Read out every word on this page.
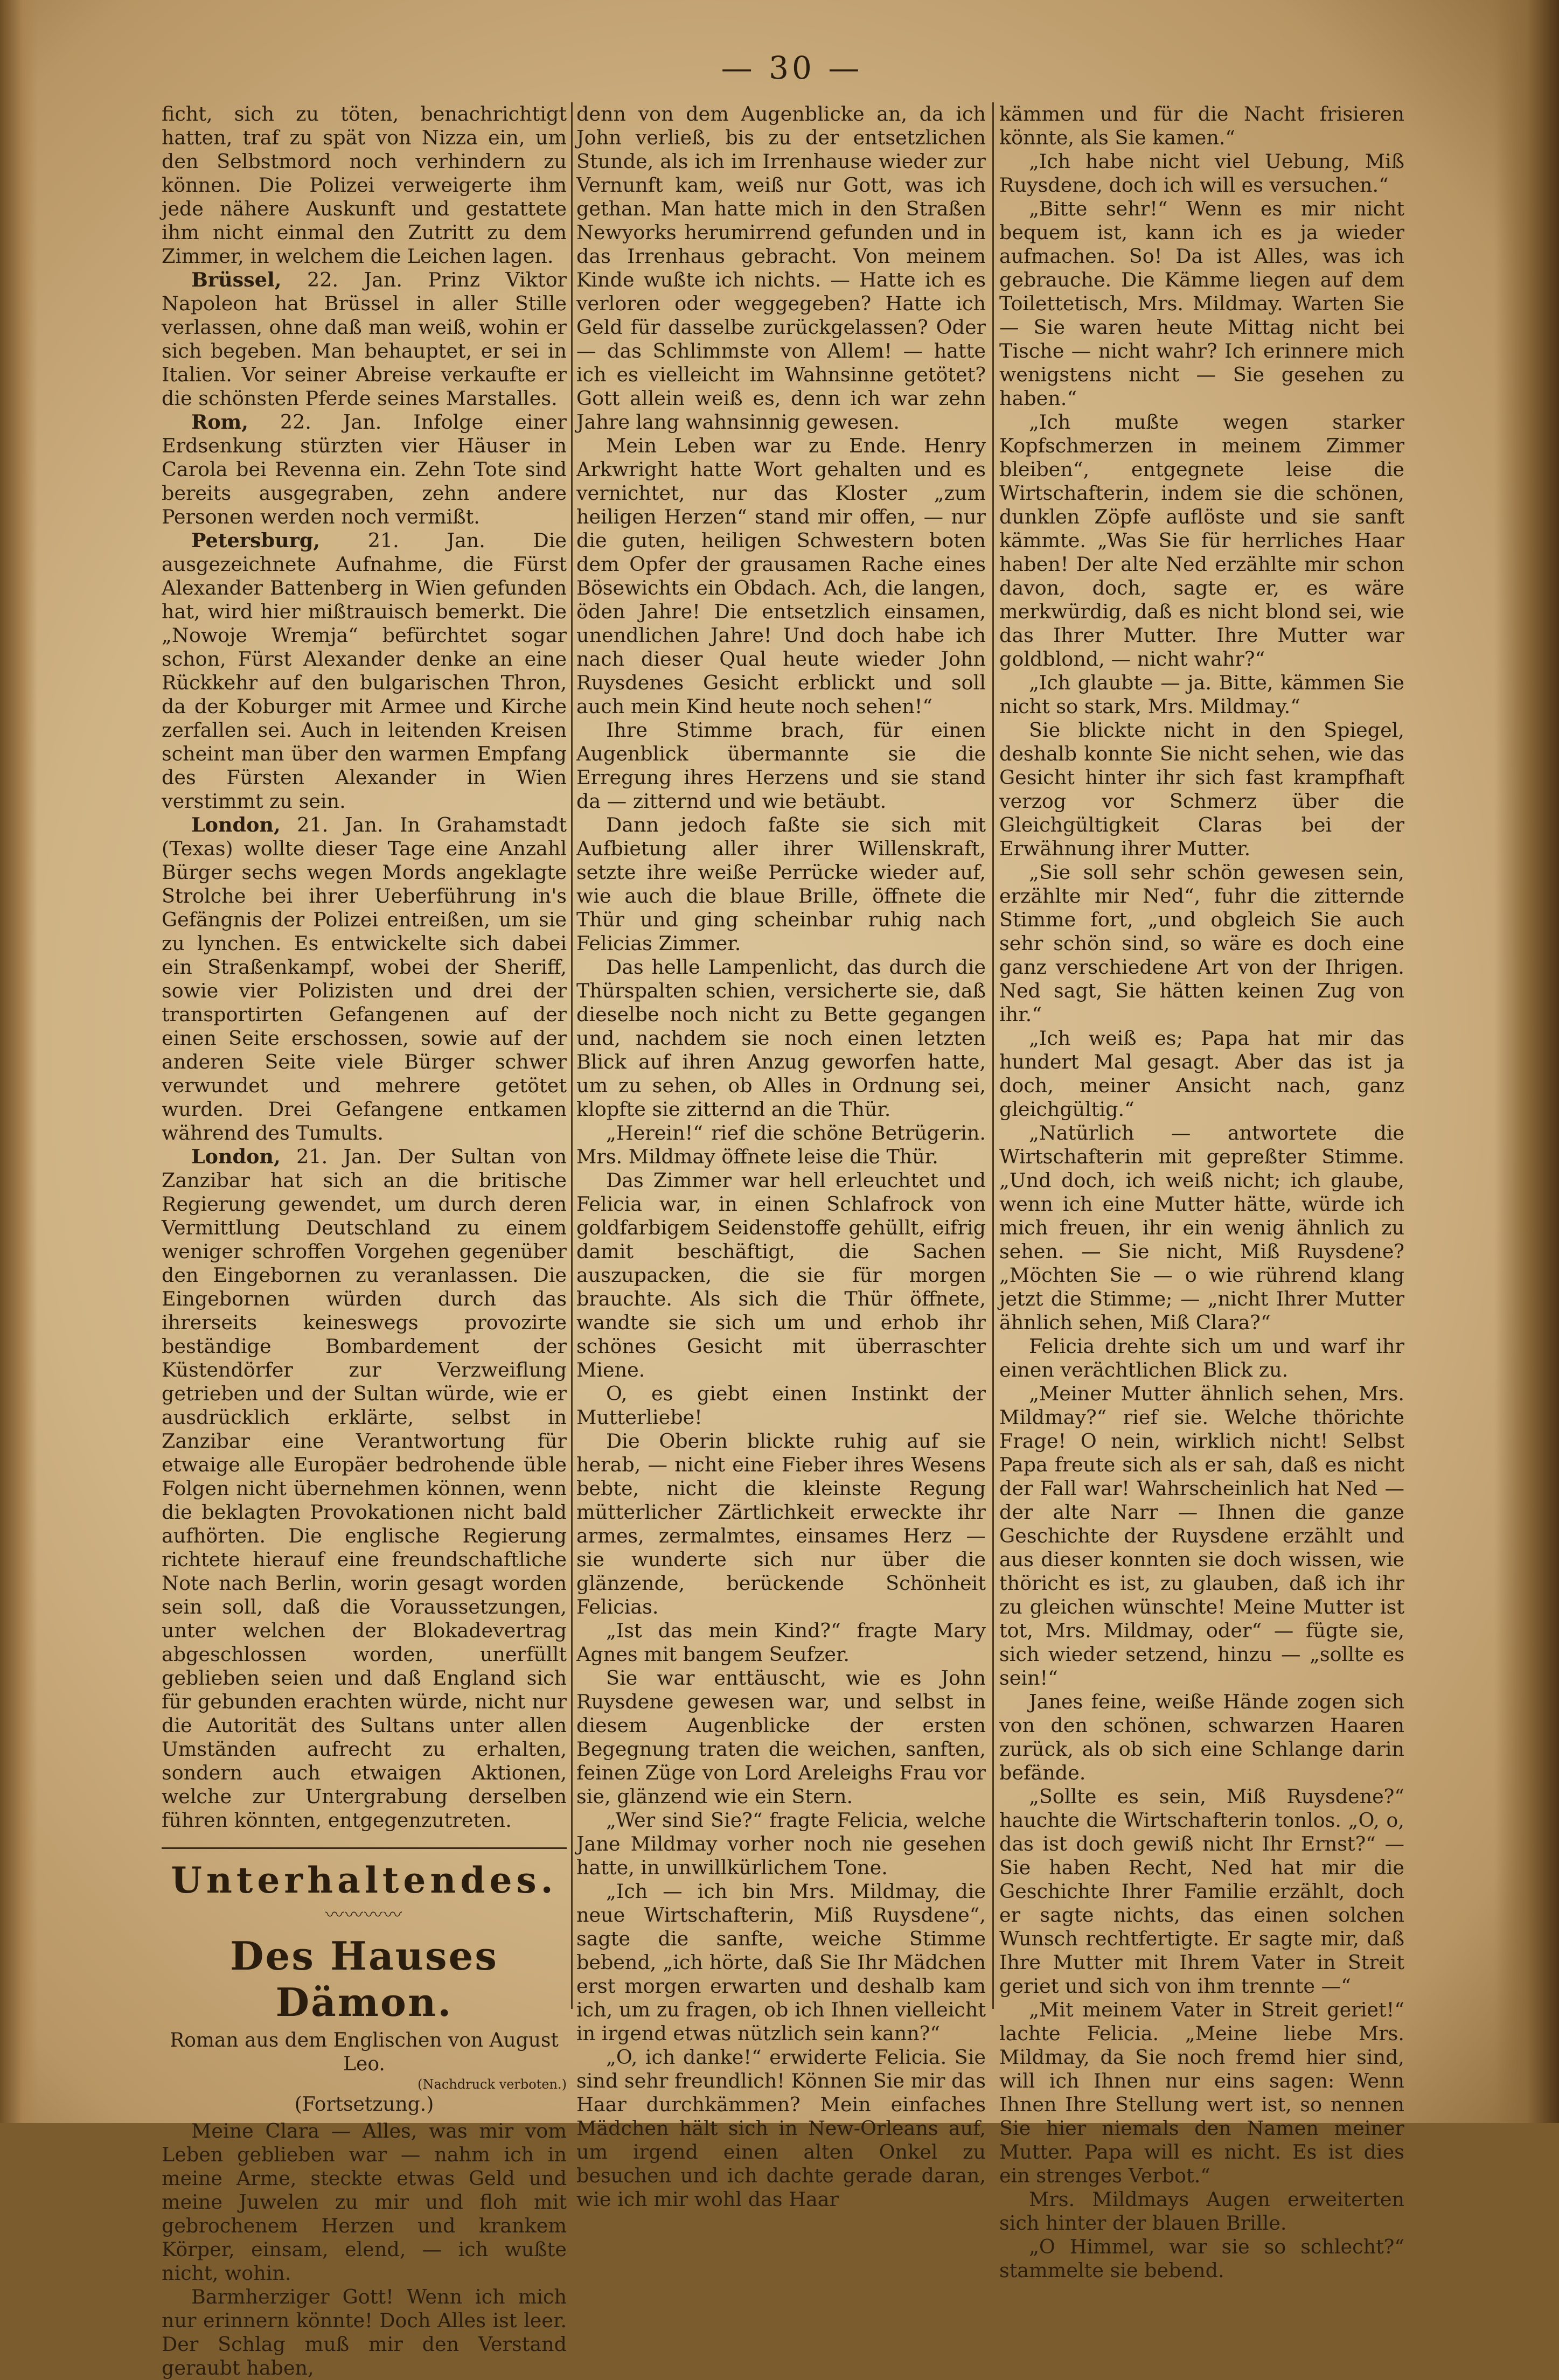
— 30 —

ficht, sich zu töten, benachrichtigt hatten, traf zu spät von Nizza ein, um den Selbstmord noch verhindern zu können. Die Polizei verweigerte ihm jede nähere Auskunft und gestattete ihm nicht einmal den Zutritt zu dem Zimmer, in welchem die Leichen lagen.

Brüssel, 22. Jan. Prinz Viktor Napoleon hat Brüssel in aller Stille verlassen, ohne daß man weiß, wohin er sich begeben. Man behauptet, er sei in Italien. Vor seiner Abreise verkaufte er die schönsten Pferde seines Marstalles.

Rom, 22. Jan. Infolge einer Erdsenkung stürzten vier Häuser in Carola bei Revenna ein. Zehn Tote sind bereits ausgegraben, zehn andere Personen werden noch vermißt.

Petersburg, 21. Jan. Die ausgezeichnete Aufnahme, die Fürst Alexander Battenberg in Wien gefunden hat, wird hier mißtrauisch bemerkt. Die „Nowoje Wremja“ befürchtet sogar schon, Fürst Alexander denke an eine Rückkehr auf den bulgarischen Thron, da der Koburger mit Armee und Kirche zerfallen sei. Auch in leitenden Kreisen scheint man über den warmen Empfang des Fürsten Alexander in Wien verstimmt zu sein.

London, 21. Jan. In Grahamstadt (Texas) wollte dieser Tage eine Anzahl Bürger sechs wegen Mords angeklagte Strolche bei ihrer Ueberführung in's Gefängnis der Polizei entreißen, um sie zu lynchen. Es entwickelte sich dabei ein Straßenkampf, wobei der Sheriff, sowie vier Polizisten und drei der transportirten Gefangenen auf der einen Seite erschossen, sowie auf der anderen Seite viele Bürger schwer verwundet und mehrere getötet wurden. Drei Gefangene entkamen während des Tumults.

London, 21. Jan. Der Sultan von Zanzibar hat sich an die britische Regierung gewendet, um durch deren Vermittlung Deutschland zu einem weniger schroffen Vorgehen gegenüber den Eingebornen zu veranlassen. Die Eingebornen würden durch das ihrerseits keineswegs provozirte beständige Bombardement der Küstendörfer zur Verzweiflung getrieben und der Sultan würde, wie er ausdrücklich erklärte, selbst in Zanzibar eine Verantwortung für etwaige alle Europäer bedrohende üble Folgen nicht übernehmen können, wenn die beklagten Provokationen nicht bald aufhörten. Die englische Regierung richtete hierauf eine freundschaftliche Note nach Berlin, worin gesagt worden sein soll, daß die Voraussetzungen, unter welchen der Blokadevertrag abgeschlossen worden, unerfüllt geblieben seien und daß England sich für gebunden erachten würde, nicht nur die Autorität des Sultans unter allen Umständen aufrecht zu erhalten, sondern auch etwaigen Aktionen, welche zur Untergrabung derselben führen könnten, entgegenzutreten.

Unterhaltendes.
〰〰〰〰
Des Hauses Dämon.
Roman aus dem Englischen von August Leo.
(Nachdruck verboten.)
(Fortsetzung.)

Meine Clara — Alles, was mir vom Leben geblieben war — nahm ich in meine Arme, steckte etwas Geld und meine Juwelen zu mir und floh mit gebrochenem Herzen und krankem Körper, einsam, elend, — ich wußte nicht, wohin.

Barmherziger Gott! Wenn ich mich nur erinnern könnte! Doch Alles ist leer. Der Schlag muß mir den Verstand geraubt haben,

denn von dem Augenblicke an, da ich John verließ, bis zu der entsetzlichen Stunde, als ich im Irrenhause wieder zur Vernunft kam, weiß nur Gott, was ich gethan. Man hatte mich in den Straßen Newyorks herumirrend gefunden und in das Irrenhaus gebracht. Von meinem Kinde wußte ich nichts. — Hatte ich es verloren oder weggegeben? Hatte ich Geld für dasselbe zurückgelassen? Oder — das Schlimmste von Allem! — hatte ich es vielleicht im Wahnsinne getötet? Gott allein weiß es, denn ich war zehn Jahre lang wahnsinnig gewesen.

Mein Leben war zu Ende. Henry Arkwright hatte Wort gehalten und es vernichtet, nur das Kloster „zum heiligen Herzen“ stand mir offen, — nur die guten, heiligen Schwestern boten dem Opfer der grausamen Rache eines Bösewichts ein Obdach. Ach, die langen, öden Jahre! Die entsetzlich einsamen, unendlichen Jahre! Und doch habe ich nach dieser Qual heute wieder John Ruysdenes Gesicht erblickt und soll auch mein Kind heute noch sehen!“

Ihre Stimme brach, für einen Augenblick übermannte sie die Erregung ihres Herzens und sie stand da — zitternd und wie betäubt.

Dann jedoch faßte sie sich mit Aufbietung aller ihrer Willenskraft, setzte ihre weiße Perrücke wieder auf, wie auch die blaue Brille, öffnete die Thür und ging scheinbar ruhig nach Felicias Zimmer.

Das helle Lampenlicht, das durch die Thürspalten schien, versicherte sie, daß dieselbe noch nicht zu Bette gegangen und, nachdem sie noch einen letzten Blick auf ihren Anzug geworfen hatte, um zu sehen, ob Alles in Ordnung sei, klopfte sie zitternd an die Thür.

„Herein!“ rief die schöne Betrügerin. Mrs. Mildmay öffnete leise die Thür.

Das Zimmer war hell erleuchtet und Felicia war, in einen Schlafrock von goldfarbigem Seidenstoffe gehüllt, eifrig damit beschäftigt, die Sachen auszupacken, die sie für morgen brauchte. Als sich die Thür öffnete, wandte sie sich um und erhob ihr schönes Gesicht mit überraschter Miene.

O, es giebt einen Instinkt der Mutterliebe!

Die Oberin blickte ruhig auf sie herab, — nicht eine Fieber ihres Wesens bebte, nicht die kleinste Regung mütterlicher Zärtlichkeit erweckte ihr armes, zermalmtes, einsames Herz — sie wunderte sich nur über die glänzende, berückende Schönheit Felicias.

„Ist das mein Kind?“ fragte Mary Agnes mit bangem Seufzer.

Sie war enttäuscht, wie es John Ruysdene gewesen war, und selbst in diesem Augenblicke der ersten Begegnung traten die weichen, sanften, feinen Züge von Lord Areleighs Frau vor sie, glänzend wie ein Stern.

„Wer sind Sie?“ fragte Felicia, welche Jane Mildmay vorher noch nie gesehen hatte, in unwillkürlichem Tone.

„Ich — ich bin Mrs. Mildmay, die neue Wirtschafterin, Miß Ruysdene“, sagte die sanfte, weiche Stimme bebend, „ich hörte, daß Sie Ihr Mädchen erst morgen erwarten und deshalb kam ich, um zu fragen, ob ich Ihnen vielleicht in irgend etwas nützlich sein kann?“

„O, ich danke!“ erwiderte Felicia. Sie sind sehr freundlich! Können Sie mir das Haar durchkämmen? Mein einfaches Mädchen hält sich in New-Orleans auf, um irgend einen alten Onkel zu besuchen und ich dachte gerade daran, wie ich mir wohl das Haar

kämmen und für die Nacht frisieren könnte, als Sie kamen.“

„Ich habe nicht viel Uebung, Miß Ruysdene, doch ich will es versuchen.“

„Bitte sehr!“ Wenn es mir nicht bequem ist, kann ich es ja wieder aufmachen. So! Da ist Alles, was ich gebrauche. Die Kämme liegen auf dem Toilettetisch, Mrs. Mildmay. Warten Sie — Sie waren heute Mittag nicht bei Tische — nicht wahr? Ich erinnere mich wenigstens nicht — Sie gesehen zu haben.“

„Ich mußte wegen starker Kopfschmerzen in meinem Zimmer bleiben“, entgegnete leise die Wirtschafterin, indem sie die schönen, dunklen Zöpfe auflöste und sie sanft kämmte. „Was Sie für herrliches Haar haben! Der alte Ned erzählte mir schon davon, doch, sagte er, es wäre merkwürdig, daß es nicht blond sei, wie das Ihrer Mutter. Ihre Mutter war goldblond, — nicht wahr?“

„Ich glaubte — ja. Bitte, kämmen Sie nicht so stark, Mrs. Mildmay.“

Sie blickte nicht in den Spiegel, deshalb konnte Sie nicht sehen, wie das Gesicht hinter ihr sich fast krampfhaft verzog vor Schmerz über die Gleichgültigkeit Claras bei der Erwähnung ihrer Mutter.

„Sie soll sehr schön gewesen sein, erzählte mir Ned“, fuhr die zitternde Stimme fort, „und obgleich Sie auch sehr schön sind, so wäre es doch eine ganz verschiedene Art von der Ihrigen. Ned sagt, Sie hätten keinen Zug von ihr.“

„Ich weiß es; Papa hat mir das hundert Mal gesagt. Aber das ist ja doch, meiner Ansicht nach, ganz gleichgültig.“

„Natürlich — antwortete die Wirtschafterin mit gepreßter Stimme. „Und doch, ich weiß nicht; ich glaube, wenn ich eine Mutter hätte, würde ich mich freuen, ihr ein wenig ähnlich zu sehen. — Sie nicht, Miß Ruysdene? „Möchten Sie — o wie rührend klang jetzt die Stimme; — „nicht Ihrer Mutter ähnlich sehen, Miß Clara?“

Felicia drehte sich um und warf ihr einen verächtlichen Blick zu.

„Meiner Mutter ähnlich sehen, Mrs. Mildmay?“ rief sie. Welche thörichte Frage! O nein, wirklich nicht! Selbst Papa freute sich als er sah, daß es nicht der Fall war! Wahrscheinlich hat Ned — der alte Narr — Ihnen die ganze Geschichte der Ruysdene erzählt und aus dieser konnten sie doch wissen, wie thöricht es ist, zu glauben, daß ich ihr zu gleichen wünschte! Meine Mutter ist tot, Mrs. Mildmay, oder“ — fügte sie, sich wieder setzend, hinzu — „sollte es sein!“

Janes feine, weiße Hände zogen sich von den schönen, schwarzen Haaren zurück, als ob sich eine Schlange darin befände.

„Sollte es sein, Miß Ruysdene?“ hauchte die Wirtschafterin tonlos. „O, o, das ist doch gewiß nicht Ihr Ernst?“ — Sie haben Recht, Ned hat mir die Geschichte Ihrer Familie erzählt, doch er sagte nichts, das einen solchen Wunsch rechtfertigte. Er sagte mir, daß Ihre Mutter mit Ihrem Vater in Streit geriet und sich von ihm trennte —“

„Mit meinem Vater in Streit geriet!“ lachte Felicia. „Meine liebe Mrs. Mildmay, da Sie noch fremd hier sind, will ich Ihnen nur eins sagen: Wenn Ihnen Ihre Stellung wert ist, so nennen Sie hier niemals den Namen meiner Mutter. Papa will es nicht. Es ist dies ein strenges Verbot.“

Mrs. Mildmays Augen erweiterten sich hinter der blauen Brille.

„O Himmel, war sie so schlecht?“ stammelte sie bebend.
